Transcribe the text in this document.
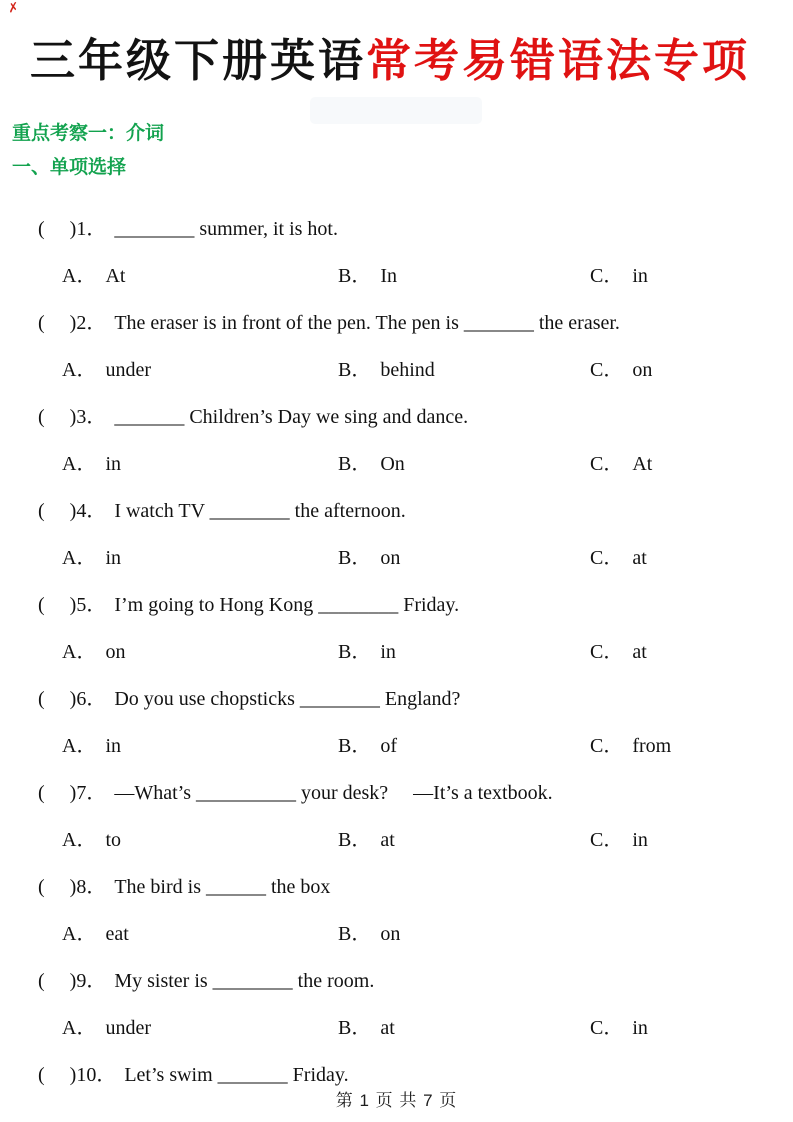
✗
三年级下册英语常考易错语法专项
重点考察一：介词
一、单项选择
(　 )1． ________ summer, it is hot.
A． At	B． In	C． in
(　 )2． The eraser is in front of the pen. The pen is _______ the eraser.
A． under	B． behind	C． on
(　 )3． _______ Children’s Day we sing and dance.
A． in	B． On	C． At
(　 )4． I watch TV ________ the afternoon.
A． in	B． on	C． at
(　 )5． I’m going to Hong Kong ________ Friday.
A． on	B． in	C． at
(　 )6． Do you use chopsticks ________ England?
A． in	B． of	C． from
(　 )7． —What’s __________ your desk? 　—It’s a textbook.
A． to	B． at	C． in
(　 )8． The bird is ______ the box
A． eat	B． on
(　 )9． My sister is ________ the room.
A． under	B． at	C． in
(　 )10． Let’s swim _______ Friday.
第 1 页 共 7 页
